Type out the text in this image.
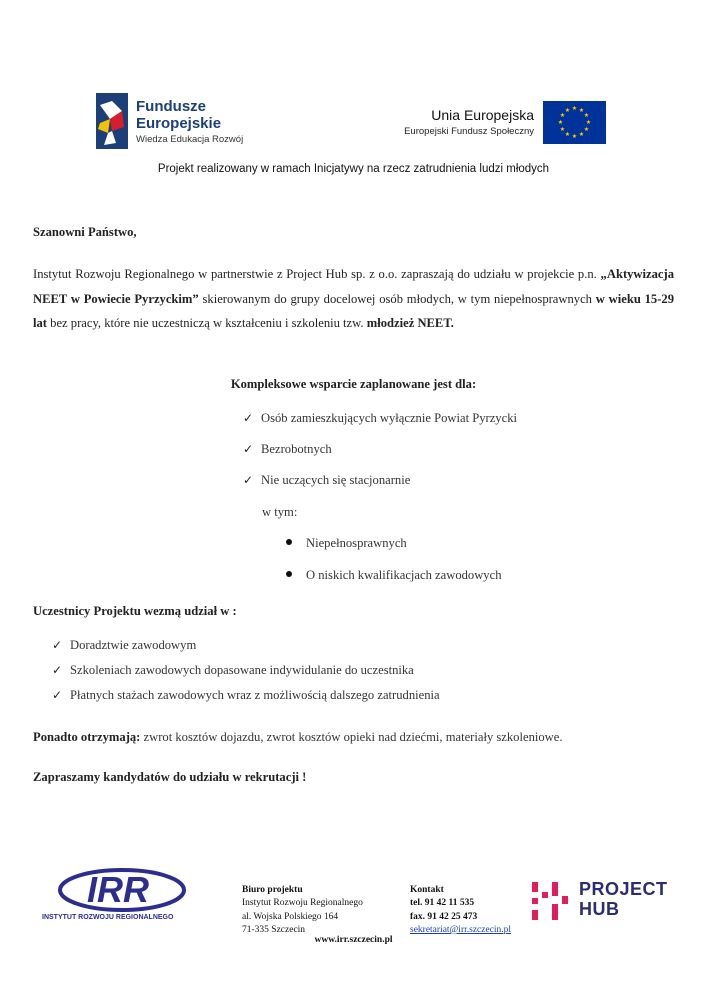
Fundusze
Europejskie
Wiedza Edukacja Rozwój
Unia Europejska
Europejski Fundusz Społeczny
★ ★
★
★
★
★
★
★
★
★
★
★
Projekt realizowany w ramach Inicjatywy na rzecz zatrudnienia ludzi młodych
Szanowni Państwo,
Instytut Rozwoju Regionalnego w partnerstwie z Project Hub sp. z o.o. zapraszają do udziału w projekcie p.n. „Aktywizacja NEET w Powiecie Pyrzyckim” skierowanym do grupy docelowej osób młodych, w tym niepełnosprawnych w wieku 15-29 lat bez pracy, które nie uczestniczą w kształceniu i szkoleniu tzw. młodzież NEET.
Kompleksowe wsparcie zaplanowane jest dla:
✓ Osób zamieszkujących wyłącznie Powiat Pyrzycki
✓ Bezrobotnych
✓ Nie uczących się stacjonarnie
w tym:
Niepełnosprawnych
O niskich kwalifikacjach zawodowych
Uczestnicy Projektu wezmą udział w :
✓ Doradztwie zawodowym
✓ Szkoleniach zawodowych dopasowane indywidulanie do uczestnika
✓ Płatnych stażach zawodowych wraz z możliwością dalszego zatrudnienia
Ponadto otrzymają: zwrot kosztów dojazdu, zwrot kosztów opieki nad dziećmi, materiały szkoleniowe.
Zapraszamy kandydatów do udziału w rekrutacji !
IRR
INSTYTUT ROZWOJU REGIONALNEGO
Biuro projektu
Instytut Rozwoju Regionalnego
al. Wojska Polskiego 164
71-335 Szczecin
Kontakt
tel. 91 42 11 535
fax. 91 42 25 473
sekretariat@irr.szczecin.pl
www.irr.szczecin.pl
PROJECT
HUB
